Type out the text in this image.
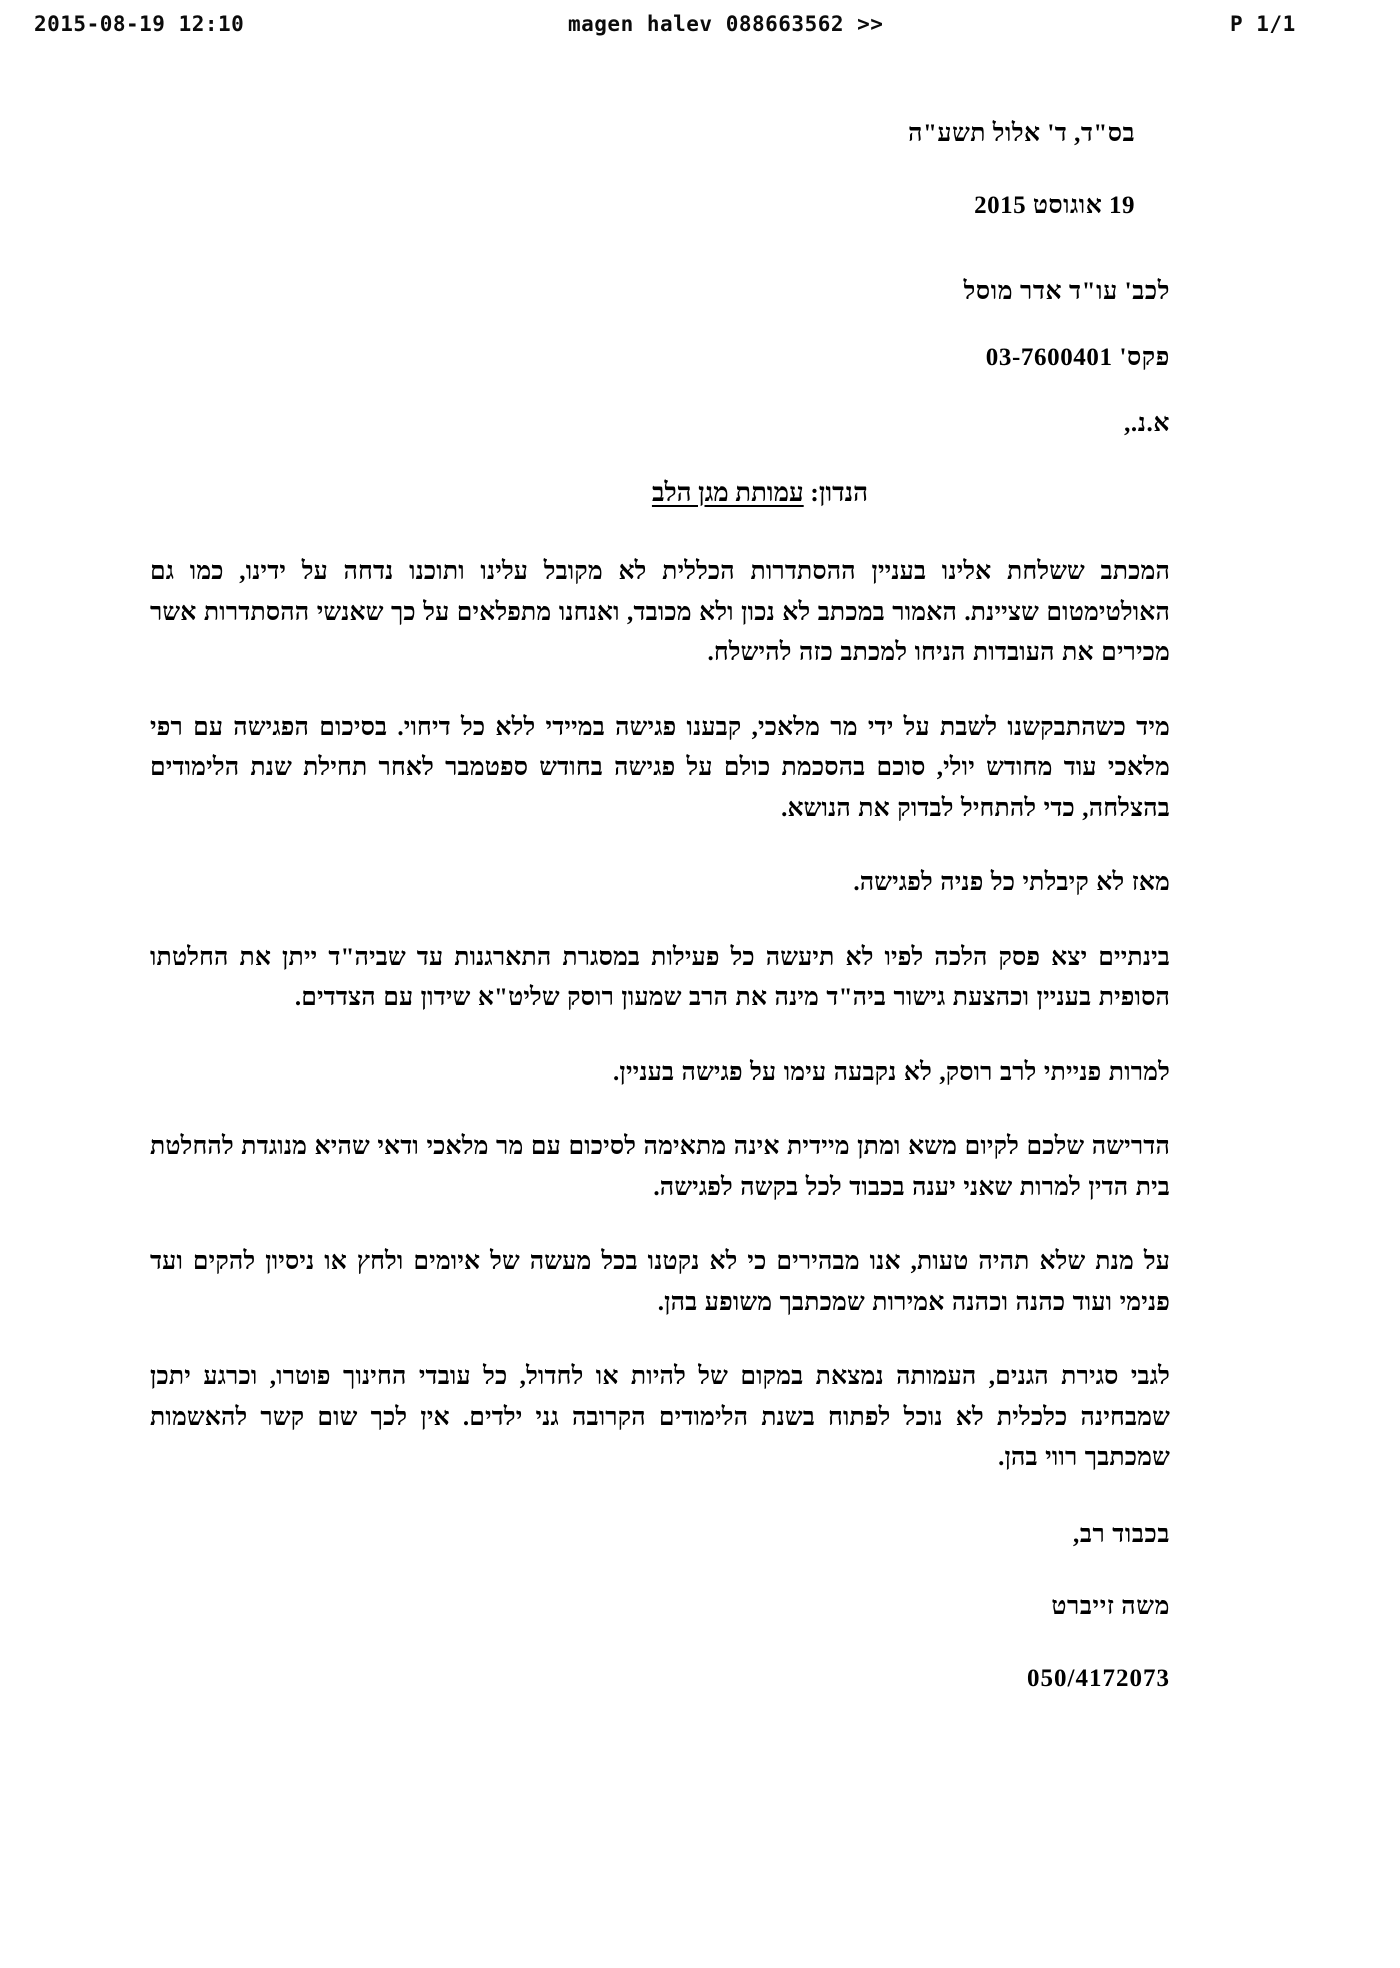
2015-08-19 12:10	magen halev 088663562 >>	P 1/1

בס"ד, ד' אלול תשע"ה

19 אוגוסט 2015

לכב' עו"ד אדר מוסל

פקס' 03-7600401

א.נ.,

הנדון: עמותת מגן הלב

המכתב ששלחת אלינו בעניין ההסתדרות הכללית לא מקובל עלינו ותוכנו נדחה על ידינו, כמו גם האולטימטום שציינת. האמור במכתב לא נכון ולא מכובד, ואנחנו מתפלאים על כך שאנשי ההסתדרות אשר מכירים את העובדות הניחו למכתב כזה להישלח.

מיד כשהתבקשנו לשבת על ידי מר מלאכי, קבענו פגישה במיידי ללא כל דיחוי. בסיכום הפגישה עם רפי מלאכי עוד מחודש יולי, סוכם בהסכמת כולם על פגישה בחודש ספטמבר לאחר תחילת שנת הלימודים בהצלחה, כדי להתחיל לבדוק את הנושא.

מאז לא קיבלתי כל פניה לפגישה.

בינתיים יצא פסק הלכה לפיו לא תיעשה כל פעילות במסגרת התארגנות עד שביה"ד ייתן את החלטתו הסופית בעניין וכהצעת גישור ביה"ד מינה את הרב שמעון רוסק שליט"א שידון עם הצדדים.

למרות פנייתי לרב רוסק, לא נקבעה עימו על פגישה בעניין.

הדרישה שלכם לקיום משא ומתן מיידית אינה מתאימה לסיכום עם מר מלאכי ודאי שהיא מנוגדת להחלטת בית הדין למרות שאני יענה בכבוד לכל בקשה לפגישה.

על מנת שלא תהיה טעות, אנו מבהירים כי לא נקטנו בכל מעשה של איומים ולחץ או ניסיון להקים ועד פנימי ועוד כהנה וכהנה אמירות שמכתבך משופע בהן.

לגבי סגירת הגנים, העמותה נמצאת במקום של להיות או לחדול, כל עובדי החינוך פוטרו, וכרגע יתכן שמבחינה כלכלית לא נוכל לפתוח בשנת הלימודים הקרובה גני ילדים. אין לכך שום קשר להאשמות שמכתבך רווי בהן.

בכבוד רב,

משה זייברט

050/4172073
